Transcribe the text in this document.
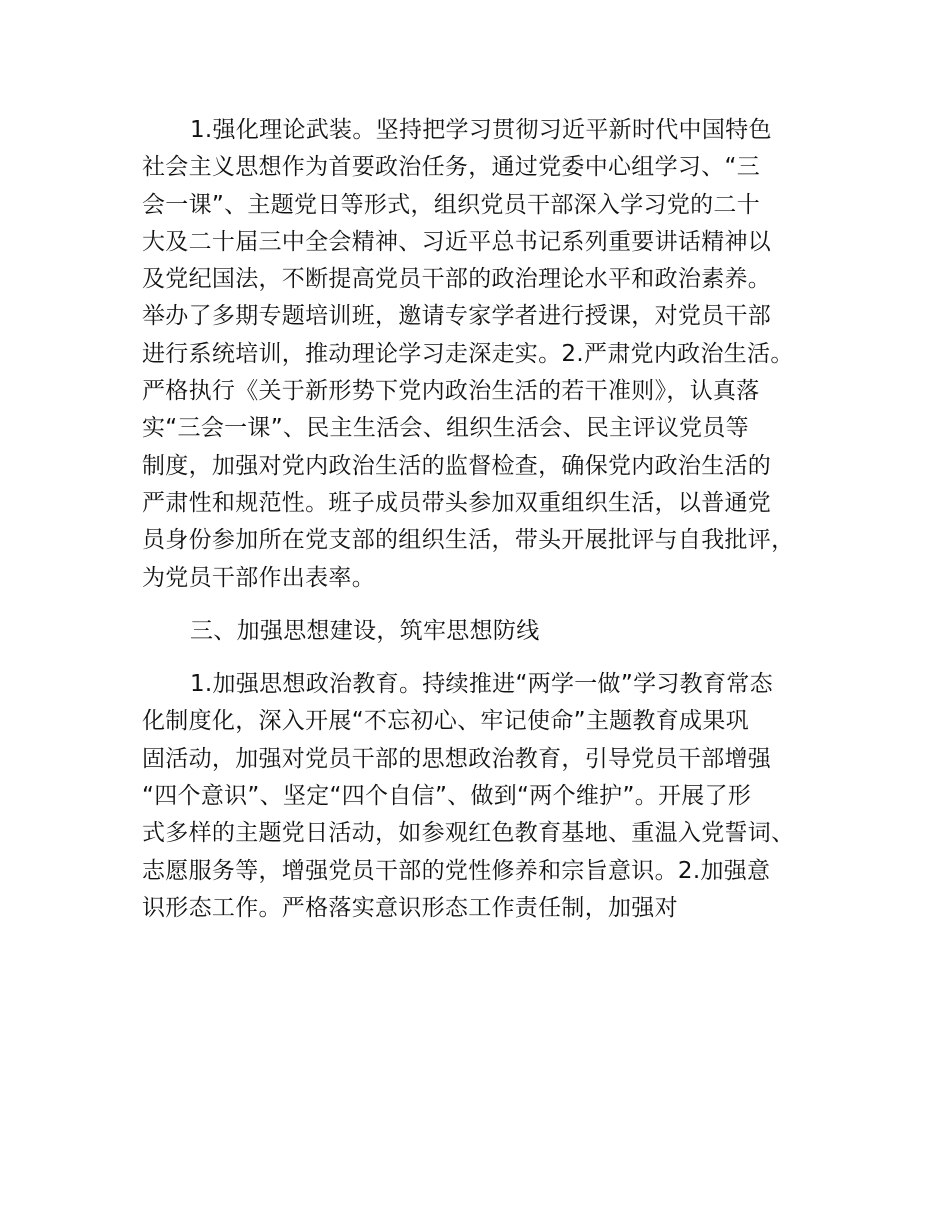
1.强化理论武装。坚持把学习贯彻习近平新时代中国特色
社会主义思想作为首要政治任务，通过党委中心组学习、“三
会一课”、主题党日等形式，组织党员干部深入学习党的二十
大及二十届三中全会精神、习近平总书记系列重要讲话精神以
及党纪国法，不断提高党员干部的政治理论水平和政治素养。
举办了多期专题培训班，邀请专家学者进行授课，对党员干部
进行系统培训，推动理论学习走深走实。2.严肃党内政治生活。
严格执行《关于新形势下党内政治生活的若干准则》，认真落
实“三会一课”、民主生活会、组织生活会、民主评议党员等
制度，加强对党内政治生活的监督检查，确保党内政治生活的
严肃性和规范性。班子成员带头参加双重组织生活，以普通党
员身份参加所在党支部的组织生活，带头开展批评与自我批评，
为党员干部作出表率。
三、加强思想建设，筑牢思想防线
1.加强思想政治教育。持续推进“两学一做”学习教育常态
化制度化，深入开展“不忘初心、牢记使命”主题教育成果巩
固活动，加强对党员干部的思想政治教育，引导党员干部增强
“四个意识”、坚定“四个自信”、做到“两个维护”。开展了形
式多样的主题党日活动，如参观红色教育基地、重温入党誓词、
志愿服务等，增强党员干部的党性修养和宗旨意识。2.加强意
识形态工作。严格落实意识形态工作责任制，加强对
